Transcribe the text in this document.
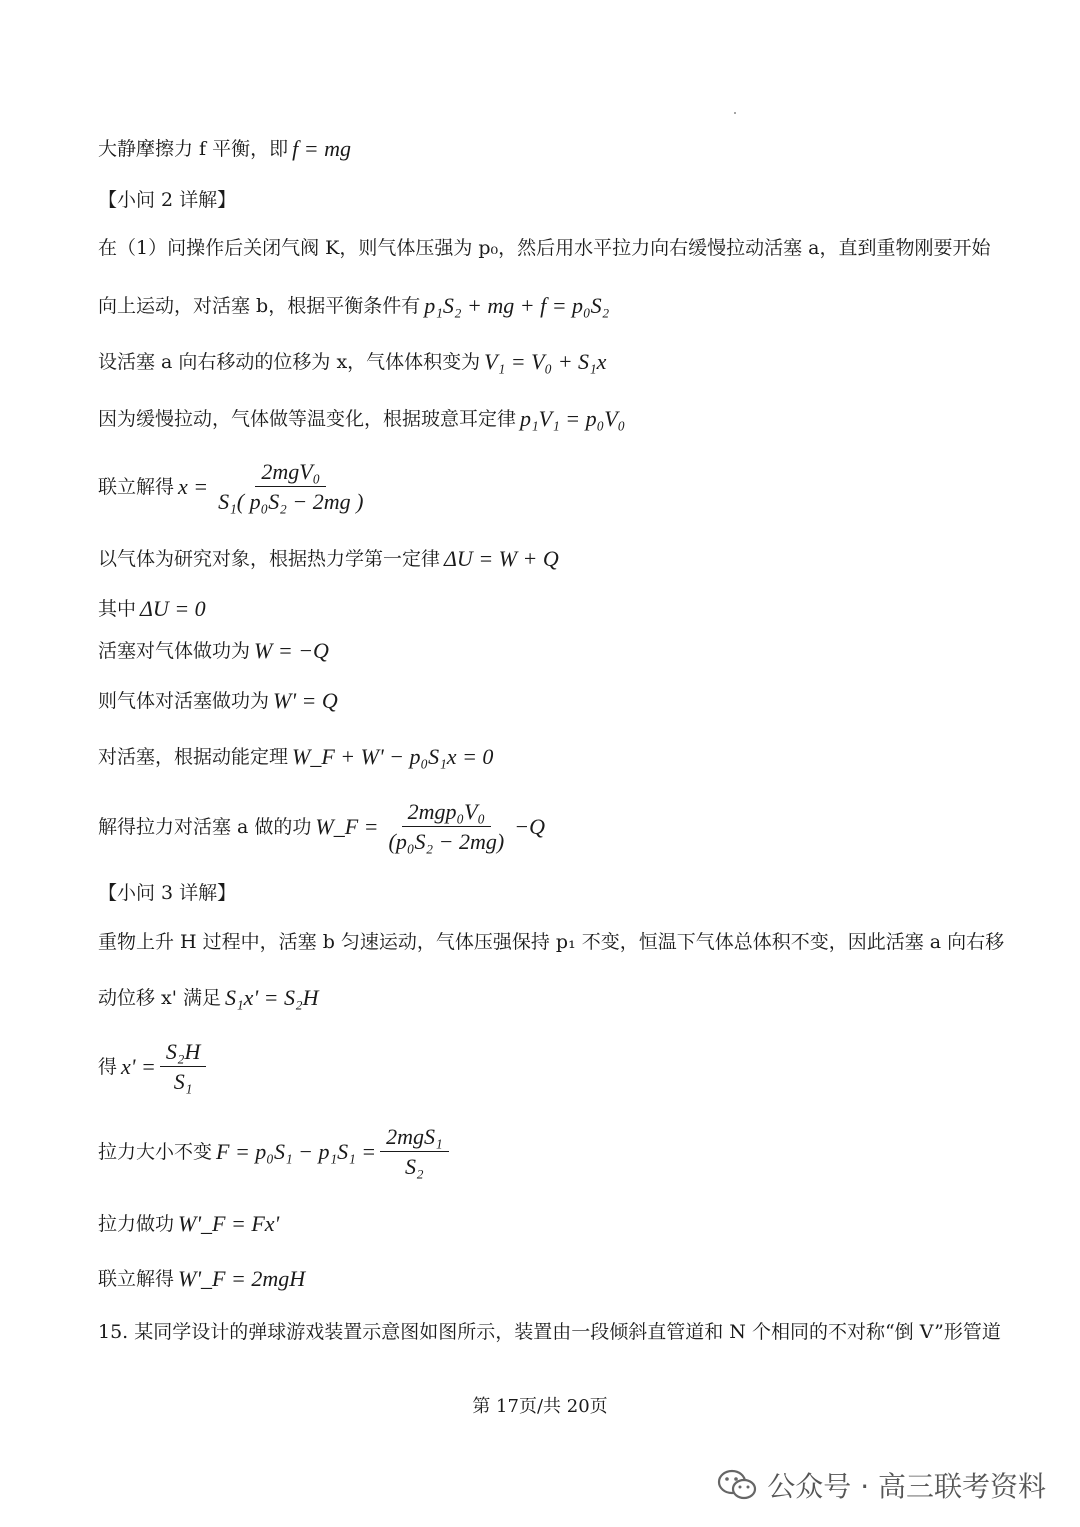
大静摩擦力 f 平衡，即 f = mg
【小问 2 详解】
在（1）问操作后关闭气阀 K，则气体压强为 p₀，然后用水平拉力向右缓慢拉动活塞 a，直到重物刚要开始
向上运动，对活塞 b，根据平衡条件有 p₁S₂ + mg + f = p₀S₂
设活塞 a 向右移动的位移为 x，气体体积变为 V₁ = V₀ + S₁x
因为缓慢拉动，气体做等温变化，根据玻意耳定律 p₁V₁ = p₀V₀
联立解得 $x = \frac{\text{2mgV₀}}{\text{S₁( p₀S₂ − 2mg )}}$
以气体为研究对象，根据热力学第一定律 ΔU = W + Q
其中 ΔU = 0
活塞对气体做功为 W = −Q
则气体对活塞做功为 W' = Q
对活塞，根据动能定理 W_F + W' − p₀S₁x = 0
解得拉力对活塞 a 做的功 W_F = $\frac{\text{2mgp₀V₀}}{\text{(p₀S₂ − 2mg)}} -Q$
【小问 3 详解】
重物上升 H 过程中，活塞 b 匀速运动，气体压强保持 p₁ 不变，恒温下气体总体积不变，因此活塞 a 向右移
动位移 x' 满足 S₁x' = S₂H
得 $x' = \frac{\text{S₂H}}{\text{S₁}}$
拉力大小不变 $F = p_0S_1 - p_1S_1 = \frac{\text{2mgS₁}}{\text{S₂}}$
拉力做功 W'_F = Fx'
联立解得 W'_F = 2mgH
15. 某同学设计的弹球游戏装置示意图如图所示，装置由一段倾斜直管道和 N 个相同的不对称“倒 V”形管道
第 17页/共 20页
公众号 · 高三联考资料
